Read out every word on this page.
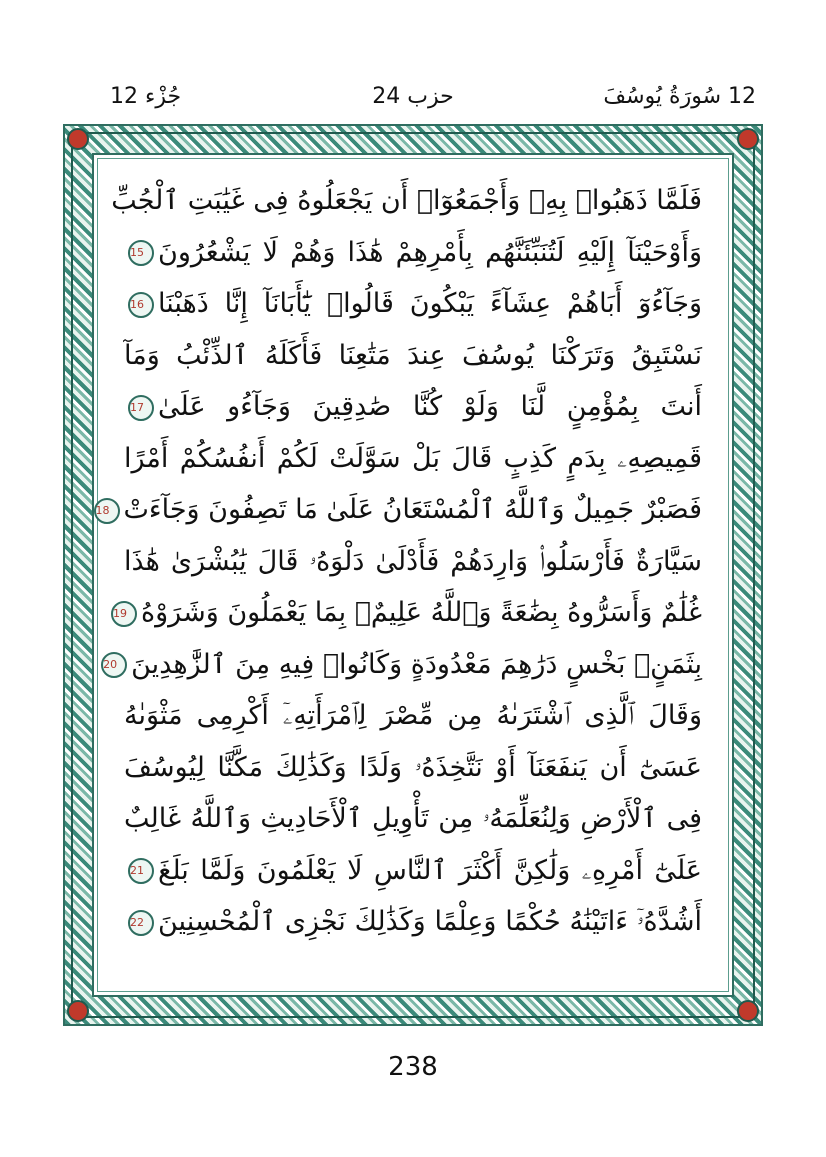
12 سُورَةُ يُوسُفَ
حزب 24
جُزْء 12
فَلَمَّا ذَهَبُوا۟ بِهِۦ وَأَجْمَعُوٓا۟ أَن يَجْعَلُوهُ فِى غَيَٰبَتِ ٱلْجُبِّ
وَأَوْحَيْنَآ إِلَيْهِ لَتُنَبِّئَنَّهُم بِأَمْرِهِمْ هَٰذَا وَهُمْ لَا يَشْعُرُونَ15
وَجَآءُوٓ أَبَاهُمْ عِشَآءً يَبْكُونَ قَالُوا۟ يَٰٓأَبَانَآ إِنَّا ذَهَبْنَا16
نَسْتَبِقُ وَتَرَكْنَا يُوسُفَ عِندَ مَتَٰعِنَا فَأَكَلَهُ ٱلذِّئْبُ وَمَآ
أَنتَ بِمُؤْمِنٍ لَّنَا وَلَوْ كُنَّا صَٰدِقِينَ وَجَآءُو عَلَىٰ17
قَمِيصِهِۦ بِدَمٍ كَذِبٍ قَالَ بَلْ سَوَّلَتْ لَكُمْ أَنفُسُكُمْ أَمْرًا
فَصَبْرٌ جَمِيلٌ وَٱللَّهُ ٱلْمُسْتَعَانُ عَلَىٰ مَا تَصِفُونَ وَجَآءَتْ18
سَيَّارَةٌ فَأَرْسَلُوا۟ وَارِدَهُمْ فَأَدْلَىٰ دَلْوَهُۥ قَالَ يَٰبُشْرَىٰ هَٰذَا
غُلَٰمٌ وَأَسَرُّوهُ بِضَٰعَةً وَٱللَّهُ عَلِيمٌۢ بِمَا يَعْمَلُونَ وَشَرَوْهُ19
بِثَمَنٍۭ بَخْسٍ دَرَٰهِمَ مَعْدُودَةٍ وَكَانُوا۟ فِيهِ مِنَ ٱلزَّٰهِدِينَ20
وَقَالَ ٱلَّذِى ٱشْتَرَىٰهُ مِن مِّصْرَ لِٱمْرَأَتِهِۦٓ أَكْرِمِى مَثْوَىٰهُ
عَسَىٰٓ أَن يَنفَعَنَآ أَوْ نَتَّخِذَهُۥ وَلَدًا وَكَذَٰلِكَ مَكَّنَّا لِيُوسُفَ
فِى ٱلْأَرْضِ وَلِنُعَلِّمَهُۥ مِن تَأْوِيلِ ٱلْأَحَادِيثِ وَٱللَّهُ غَالِبٌ
عَلَىٰٓ أَمْرِهِۦ وَلَٰكِنَّ أَكْثَرَ ٱلنَّاسِ لَا يَعْلَمُونَ وَلَمَّا بَلَغَ21
أَشُدَّهُۥٓ ءَاتَيْنَٰهُ حُكْمًا وَعِلْمًا وَكَذَٰلِكَ نَجْزِى ٱلْمُحْسِنِينَ22
238
